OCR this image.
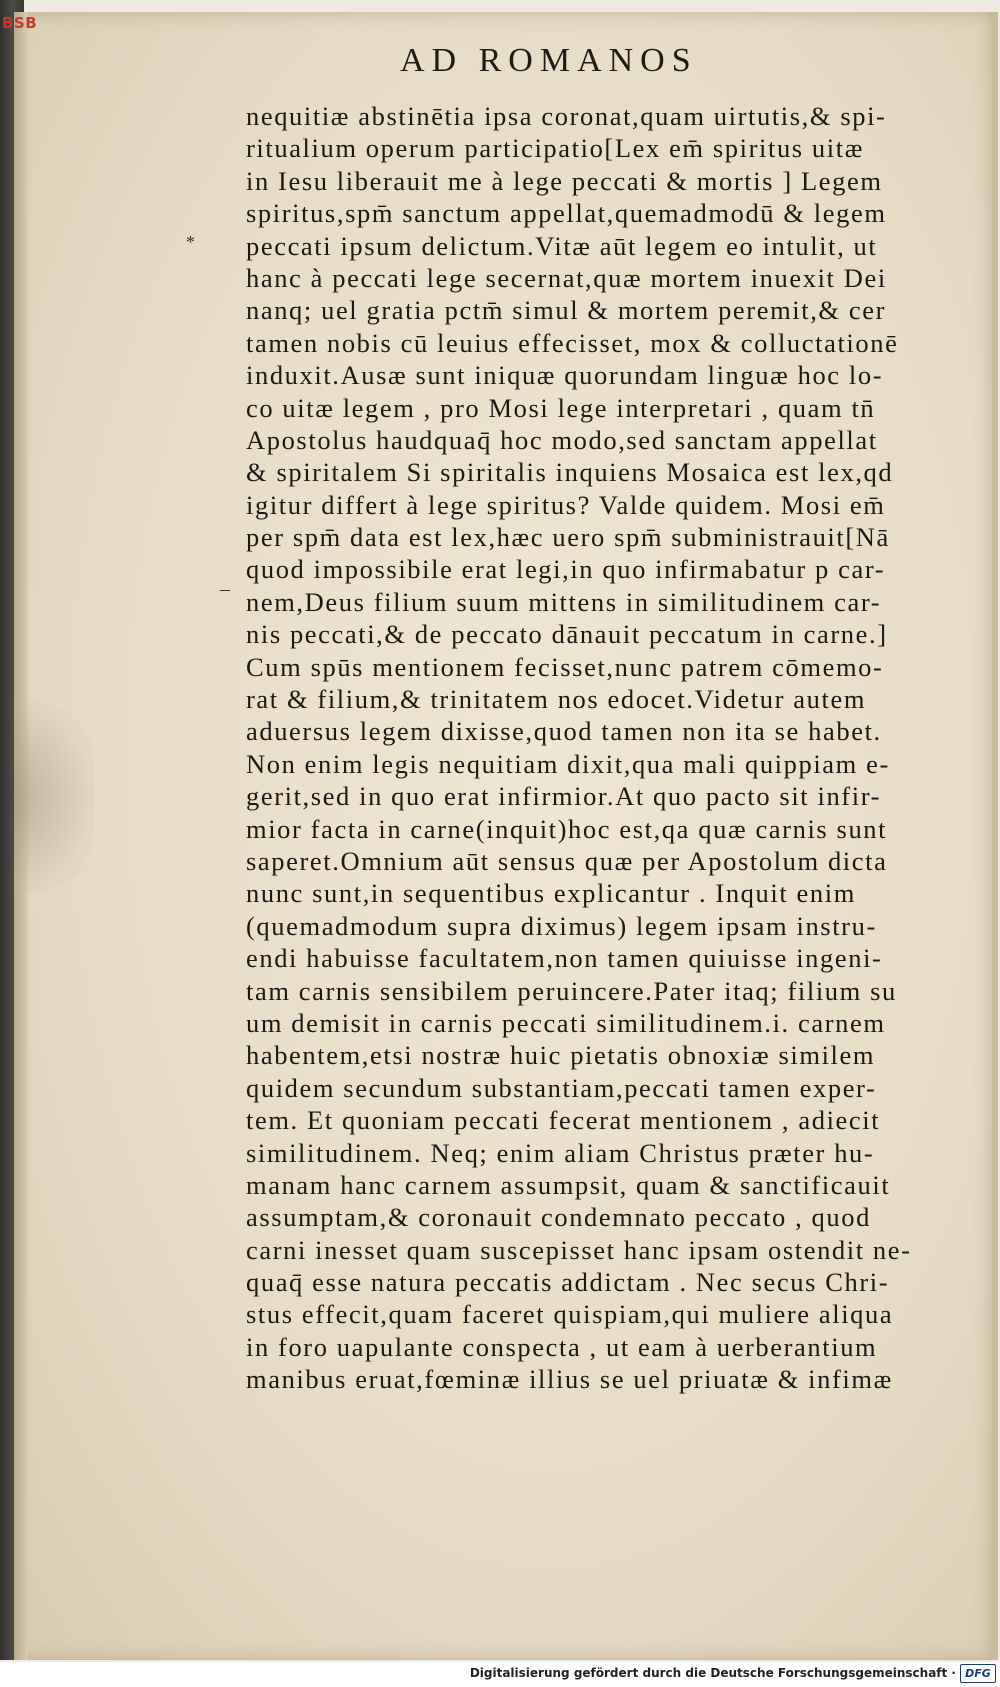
BSB
AD ROMANOS
*
–
nequitiæ abstinētia ipsa coronat,quam uirtutis,& spi-
ritualium operum participatio[Lex em̄ spiritus uitæ
in Iesu liberauit me à lege peccati & mortis ] Legem
spiritus,spm̄ sanctum appellat,quemadmodū & legem
peccati ipsum delictum.Vitæ aūt legem eo intulit, ut
hanc à peccati lege secernat,quæ mortem inuexit Dei
nanq; uel gratia pctm̄ simul & mortem peremit,& cer
tamen nobis cū leuius effecisset, mox & colluctationē
induxit.Ausæ sunt iniquæ quorundam linguæ hoc lo-
co uitæ legem , pro Mosi lege interpretari , quam tn̄
Apostolus haudquaq̄ hoc modo,sed sanctam appellat
& spiritalem Si spiritalis inquiens Mosaica est lex,qd
igitur differt à lege spiritus? Valde quidem. Mosi em̄
per spm̄ data est lex,hæc uero spm̄ subministrauit[Nā
quod impossibile erat legi,in quo infirmabatur p car-
nem,Deus filium suum mittens in similitudinem car-
nis peccati,& de peccato dānauit peccatum in carne.]
Cum spūs mentionem fecisset,nunc patrem cōmemo-
rat & filium,& trinitatem nos edocet.Videtur autem
aduersus legem dixisse,quod tamen non ita se habet.
Non enim legis nequitiam dixit,qua mali quippiam e-
gerit,sed in quo erat infirmior.At quo pacto sit infir-
mior facta in carne(inquit)hoc est,qa quæ carnis sunt
saperet.Omnium aūt sensus quæ per Apostolum dicta
nunc sunt,in sequentibus explicantur . Inquit enim
(quemadmodum supra diximus) legem ipsam instru-
endi habuisse facultatem,non tamen quiuisse ingeni-
tam carnis sensibilem peruincere.Pater itaq; filium su
um demisit in carnis peccati similitudinem.i. carnem
habentem,etsi nostræ huic pietatis obnoxiæ similem
quidem secundum substantiam,peccati tamen exper-
tem. Et quoniam peccati fecerat mentionem , adiecit
similitudinem. Neq; enim aliam Christus præter hu-
manam hanc carnem assumpsit, quam & sanctificauit
assumptam,& coronauit condemnato peccato , quod
carni inesset quam suscepisset hanc ipsam ostendit ne-
quaq̄ esse natura peccatis addictam . Nec secus Chri-
stus effecit,quam faceret quispiam,qui muliere aliqua
in foro uapulante conspecta , ut eam à uerberantium
manibus eruat,fœminæ illius se uel priuatæ & infimæ
Digitalisierung gefördert durch die Deutsche Forschungsgemeinschaft · DFG
